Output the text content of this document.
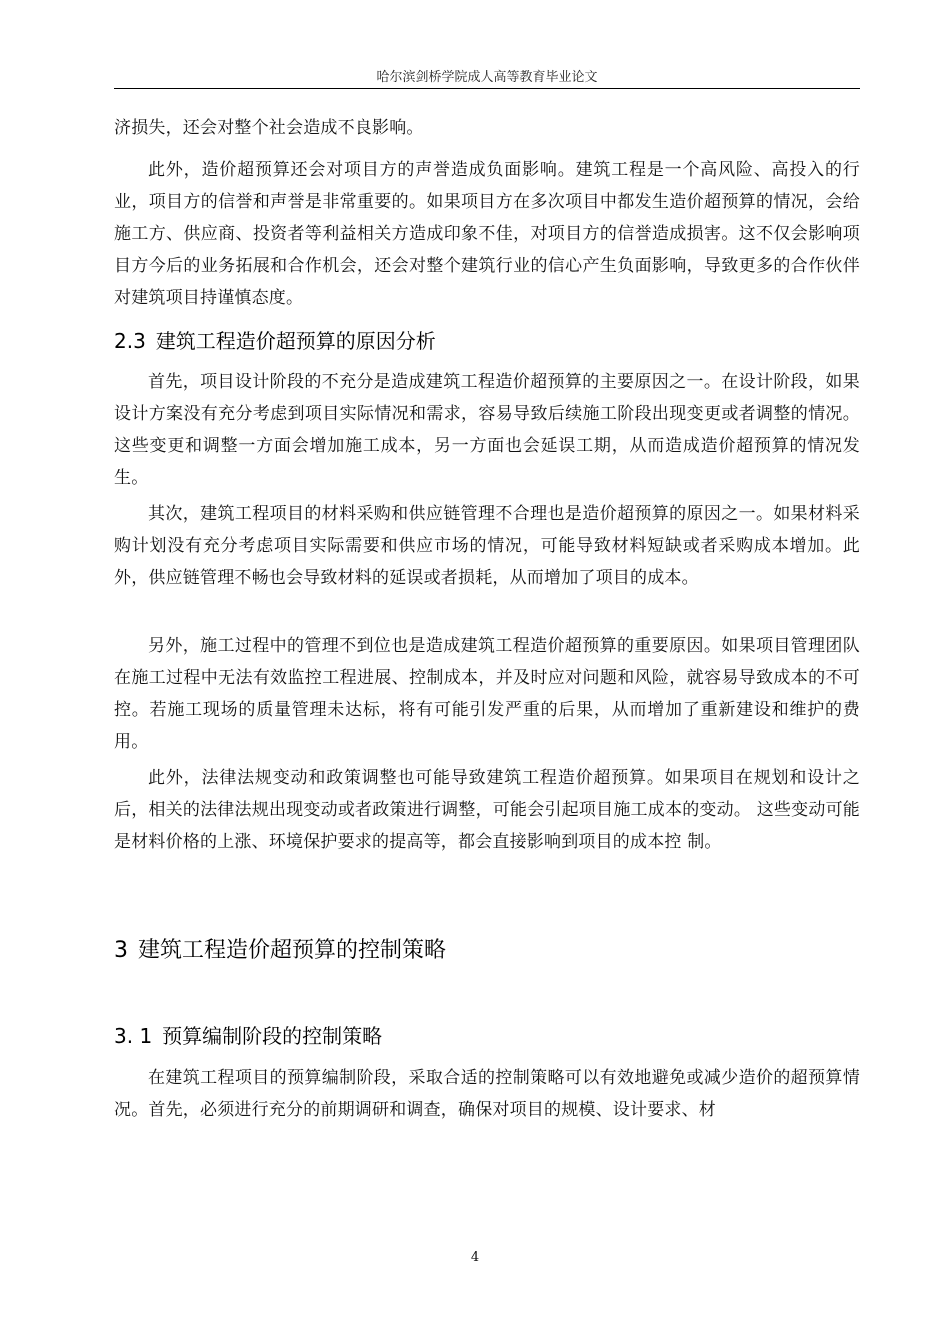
哈尔滨剑桥学院成人高等教育毕业论文
济损失，还会对整个社会造成不良影响。
此外，造价超预算还会对项目方的声誉造成负面影响。建筑工程是一个高风险、高投入的行业，项目方的信誉和声誉是非常重要的。如果项目方在多次项目中都发生造价超预算的情况，会给施工方、供应商、投资者等利益相关方造成印象不佳，对项目方的信誉造成损害。这不仅会影响项目方今后的业务拓展和合作机会，还会对整个建筑行业的信心产生负面影响，导致更多的合作伙伴对建筑项目持谨慎态度。
2.3 建筑工程造价超预算的原因分析
首先，项目设计阶段的不充分是造成建筑工程造价超预算的主要原因之一。在设计阶段，如果设计方案没有充分考虑到项目实际情况和需求，容易导致后续施工阶段出现变更或者调整的情况。这些变更和调整一方面会增加施工成本，另一方面也会延误工期，从而造成造价超预算的情况发生。
其次，建筑工程项目的材料采购和供应链管理不合理也是造价超预算的原因之一。如果材料采购计划没有充分考虑项目实际需要和供应市场的情况，可能导致材料短缺或者采购成本增加。此外，供应链管理不畅也会导致材料的延误或者损耗，从而增加了项目的成本。
另外，施工过程中的管理不到位也是造成建筑工程造价超预算的重要原因。如果项目管理团队在施工过程中无法有效监控工程进展、控制成本，并及时应对问题和风险，就容易导致成本的不可控。若施工现场的质量管理未达标，将有可能引发严重的后果，从而增加了重新建设和维护的费用。
此外，法律法规变动和政策调整也可能导致建筑工程造价超预算。如果项目在规划和设计之后，相关的法律法规出现变动或者政策进行调整，可能会引起项目施工成本的变动。 这些变动可能是材料价格的上涨、环境保护要求的提高等，都会直接影响到项目的成本控 制。
3 建筑工程造价超预算的控制策略
3. 1 预算编制阶段的控制策略
在建筑工程项目的预算编制阶段，采取合适的控制策略可以有效地避免或减少造价的超预算情况。首先，必须进行充分的前期调研和调查，确保对项目的规模、设计要求、材
4
